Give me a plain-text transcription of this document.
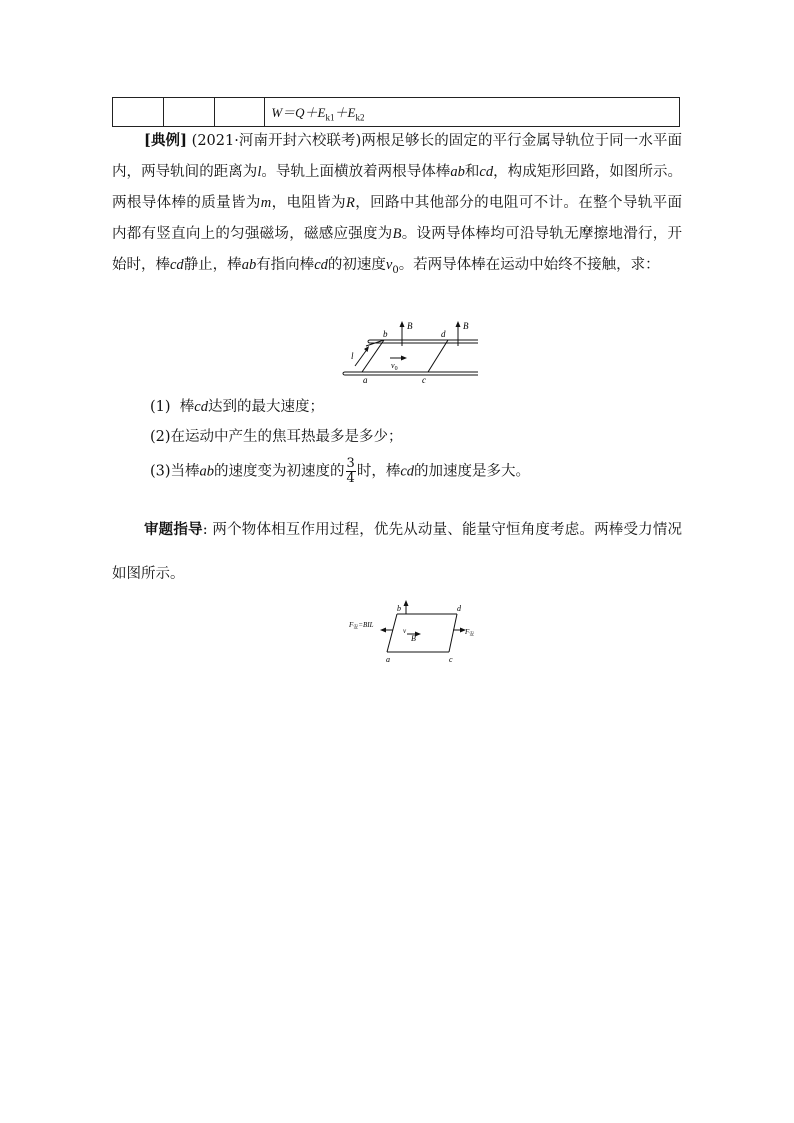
			$W=Q+E_{k1}+E_{k2}$
[典例] (2021·河南开封六校联考)两根足够长的固定的平行金属导轨位于同一水平面内，两导轨间的距离为l。导轨上面横放着两根导体棒ab和cd，构成矩形回路，如图所示。两根导体棒的质量皆为m，电阻皆为R，回路中其他部分的电阻可不计。在整个导轨平面内都有竖直向上的匀强磁场，磁感应强度为B。设两导体棒均可沿导轨无摩擦地滑行，开始时，棒cd静止，棒ab有指向棒cd的初速度$v_0$。若两导体棒在运动中始终不接触，求：
b	d
a	c
B	B
l
$v_0$
(1) 棒cd达到的最大速度；
(2)在运动中产生的焦耳热最多是多少；
(3)当棒ab的速度变为初速度的 $\frac{3}{4}$ 时，棒cd的加速度是多大。
审题指导: 两个物体相互作用过程，优先从动量、能量守恒角度考虑。两棒受力情况如图所示。
b	d
a	c
B
v
$F_安=BIL$
$F_安$
